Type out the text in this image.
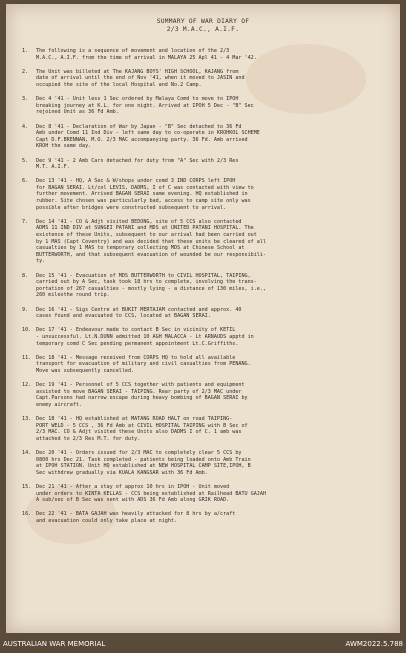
SUMMARY OF WAR DIARY OF
2/3 M.A.C., A.I.F.
1.	The following is a sequence of movement and location of the 2/3
M.A.C., A.I.F. from the time of arrival in MALAYA 25 Apl 41 - 4 Mar '42.
2.	The Unit was billeted at The KAJANG BOYS' HIGH SCHOOL, KAJANG from
date of arrival until the end of Nov '41, when it moved to JASIN and
occupied the site of the local Hospital and No.2 Camp.
3.	Dec 4 '41 - Unit less 1 Sec ordered by Malaya Comd to move to IPOH
breaking journey at K.L. for one night. Arrived at IPOH 5 Dec - "B" Sec
rejoined Unit as 36 Fd Amb.
4.	Dec 8 '41 - Declaration of War by Japan - "B" Sec detached to 36 Fd
Amb under Comd 11 Ind Div - left same day to co-operate in KROHKOL SCHEME
Capt D.F.BRENNAN, M.O. 2/3 MAC accompanying party. 36 Fd. Amb arrived
KROH the same day.
5.	Dec 9 '41 - 2 Amb Cars detached for duty from "A" Sec with 2/3 Res
M.T. A.I.F.
6.	Dec 13 '41 - HQ, A Sec & W/shops under comd 3 IND CORPS left IPOH
for BAGAN SERAI. Lt/col LEVIS, DADMS, I of C was contacted with view to
further movement. Arrived BAGAN SERAI same evening. HQ established in
rubber. Site chosen was particularly bad, access to camp site only was
possible after bridges were constructed subsequent to arrival.
7.	Dec 14 '41 - CO & Adjt visited BEDONG, site of 5 CCS also contacted
ADMS 11 IND DIV at SUNGEI PATANI and MDS at UNITED PATANI HOSPITAL. The
existence of these Units, subsequent to our arrival had been carried out
by 1 MAS (Capt Coventry) and was decided that these units be cleared of all
casualties by 1 MAS to temporary collecting MDS at Chinese School at
BUTTERWORTH, and that subsequent evacuation of wounded be our responsibili-
ty.
8.	Dec 15 '41 - Evacuation of MDS BUTTERWORTH to CIVIL HOSPITAL, TAIPING,
carried out by A Sec, task took 18 hrs to complete, involving the trans-
portation of 267 casualties - mostly lying - a distance of 130 miles, i.e.,
260 milesthe round trip.
9.	Dec 16 '41 - Sigs Centre at BUKIT MERTAJAM contacted and approx. 40
cases found and evacuated to CCS, located at BAGAN SERAI.
10. Dec 17 '41 - Endeavour made to contact B Sec in vicinity of KETIL
- unsuccessful. Lt.N.DUNN admitted 10 AGH MALACCA - Lt ARNAUDS apptd in
temporary comd C Sec pending permanent appointment Lt.C.Griffiths.
11. Dec 18 '41 - Message received from CORPS HQ to hold all available
transport for evacuation of military and civil casualties from PENANG.
Move was subsequently cancelled.
12. Dec 19 '41 - Personnel of 5 CCS together with patients and equipment
assisted to move BAGAN SERAI - TAIPING. Rear party of 2/3 MAC under
Capt.Parsons had narrow escape during heavy bombing of BAGAN SERAI by
enemy aircraft.
13. Dec 18 '41 - HQ established at MATANG ROAD HALT on road TAIPING-
PORT WELD - 5 CCS , 36 Fd Amb at CIVIL HOSPITAL TAIPING with B Sec of
2/3 MAC. CO & Adjt visited these Units also DADMS I of C. 1 amb was
attached to 2/3 Res M.T. for duty.
14. Dec 20 '41 - Orders issued for 2/3 MAC to completely clear 5 CCS by
0800 hrs Dec 21. Task completed - patients being loaded onto Amb Train
at IPOH STATION. Unit HQ established at NEW HOSPITAL CAMP SITE,IPOH, B
Sec withdrew gradually via KUALA KANGSAR with 36 Fd Amb.
15. Dec 21 '41 - After a stay of approx 10 hrs in IPOH - Unit moved
under orders to KINTA KELLAS - CCS being established at Railhead BATU GAJAH
A sub/sec of B Sec was sent with ADS 36 Fd Amb along GRIK ROAD.
16. Dec 22 '41 - BATA GAJAH was heavily attacked for 8 hrs by a/craft
and evacuation could only take place at night.
AUSTRALIAN WAR MEMORIAL	AWM2022.5.788
